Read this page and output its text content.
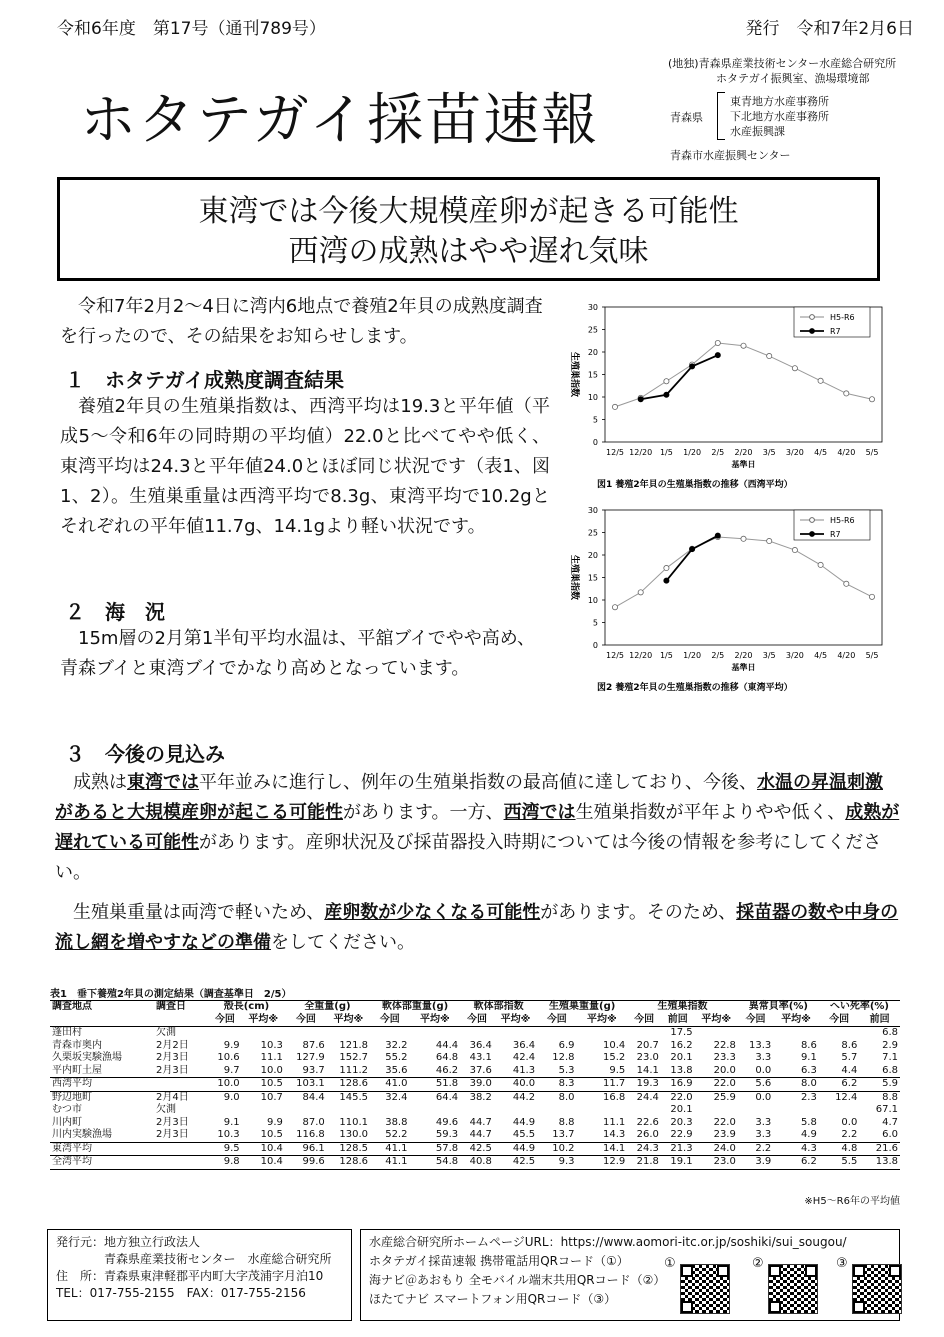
令和6年度　第17号（通刊789号）	発行　令和7年2月6日
ホタテガイ採苗速報
(地独)青森県産業技術センター水産総合研究所
ホタテガイ振興室、漁場環境部
青森県
東青地方水産事務所
下北地方水産事務所
水産振興課
青森市水産振興センター
東湾では今後大規模産卵が起きる可能性
西湾の成熟はやや遅れ気味
令和7年2月2～4日に湾内6地点で養殖2年貝の成熟度調査を行ったので、その結果をお知らせします。
１　ホタテガイ成熟度調査結果
養殖2年貝の生殖巣指数は、西湾平均は19.3と平年値（平成5～令和6年の同時期の平均値）22.0と比べてやや低く、東湾平均は24.3と平年値24.0とほぼ同じ状況です（表1、図1、2）。生殖巣重量は西湾平均で8.3g、東湾平均で10.2gとそれぞれの平年値11.7g、14.1gより軽い状況です。
２　海　況
15m層の2月第1半旬平均水温は、平舘ブイでやや高め、青森ブイと東湾ブイでかなり高めとなっています。
３　今後の見込み
成熟は東湾では平年並みに進行し、例年の生殖巣指数の最高値に達しており、今後、水温の昇温刺激があると大規模産卵が起こる可能性があります。一方、西湾では生殖巣指数が平年よりやや低く、成熟が遅れている可能性があります。産卵状況及び採苗器投入時期については今後の情報を参考にしてください。
生殖巣重量は両湾で軽いため、産卵数が少なくなる可能性があります。そのため、採苗器の数や中身の流し網を増やすなどの準備をしてください。
0
5
10
15
20
25
30
12/5 12/20 1/5 1/20 2/5 2/20 3/5 3/20 4/5 4/20 5/5
基準日
生殖巣指数
図1 養殖2年貝の生殖巣指数の推移（西湾平均）
H5-R6
R7
0
5
10
15
20
25
30
12/5 12/20 1/5 1/20 2/5 2/20 3/5 3/20 4/5 4/20 5/5
基準日
生殖巣指数
図2 養殖2年貝の生殖巣指数の推移（東湾平均）
H5-R6
R7
表1　垂下養殖2年貝の測定結果（調査基準日　2/5）
調査地点	調査日	殻長(cm)		全重量(g)		軟体部重量(g)		軟体部指数		生殖巣重量(g)		生殖巣指数			異常貝率(%)		へい死率(%)	
		今回	平均※	今回	平均※	今回	平均※	今回	平均※	今回	平均※	今回	前回	平均※	今回	平均※	今回	前回
蓬田村	欠測												17.5					6.8
青森市奥内	2月2日	9.9	10.3	87.6	121.8	32.2	44.4	36.4	36.4	6.9	10.4	20.7	16.2	22.8	13.3	8.6	8.6	2.9
久栗坂実験漁場	2月3日	10.6	11.1	127.9	152.7	55.2	64.8	43.1	42.4	12.8	15.2	23.0	20.1	23.3	3.3	9.1	5.7	7.1
平内町土屋	2月3日	9.7	10.0	93.7	111.2	35.6	46.2	37.6	41.3	5.3	9.5	14.1	13.8	20.0	0.0	6.3	4.4	6.8
西湾平均		10.0	10.5	103.1	128.6	41.0	51.8	39.0	40.0	8.3	11.7	19.3	16.9	22.0	5.6	8.0	6.2	5.9
野辺地町	2月4日	9.0	10.7	84.4	145.5	32.4	64.4	38.2	44.2	8.0	16.8	24.4	22.0	25.9	0.0	2.3	12.4	8.8
むつ市	欠測												20.1					67.1
川内町	2月3日	9.1	9.9	87.0	110.1	38.8	49.6	44.7	44.9	8.8	11.1	22.6	20.3	22.0	3.3	5.8	0.0	4.7
川内実験漁場	2月3日	10.3	10.5	116.8	130.0	52.2	59.3	44.7	45.5	13.7	14.3	26.0	22.9	23.9	3.3	4.9	2.2	6.0
東湾平均		9.5	10.4	96.1	128.5	41.1	57.8	42.5	44.9	10.2	14.1	24.3	21.3	24.0	2.2	4.3	4.8	21.6
全湾平均		9.8	10.4	99.6	128.6	41.1	54.8	40.8	42.5	9.3	12.9	21.8	19.1	23.0	3.9	6.2	5.5	13.8
※H5～R6年の平均値
発行元：地方独立行政法人
青森県産業技術センター　水産総合研究所
住　所：青森県東津軽郡平内町大字茂浦字月泊10
TEL：017-755-2155　FAX：017-755-2156
水産総合研究所ホームページURL：https://www.aomori-itc.or.jp/soshiki/sui_sougou/
ホタテガイ採苗速報 携帯電話用QRコード（①）
海ナビ＠あおもり 全モバイル端末共用QRコード（②）
ほたてナビ スマートフォン用QRコード（③）
①	②	③
